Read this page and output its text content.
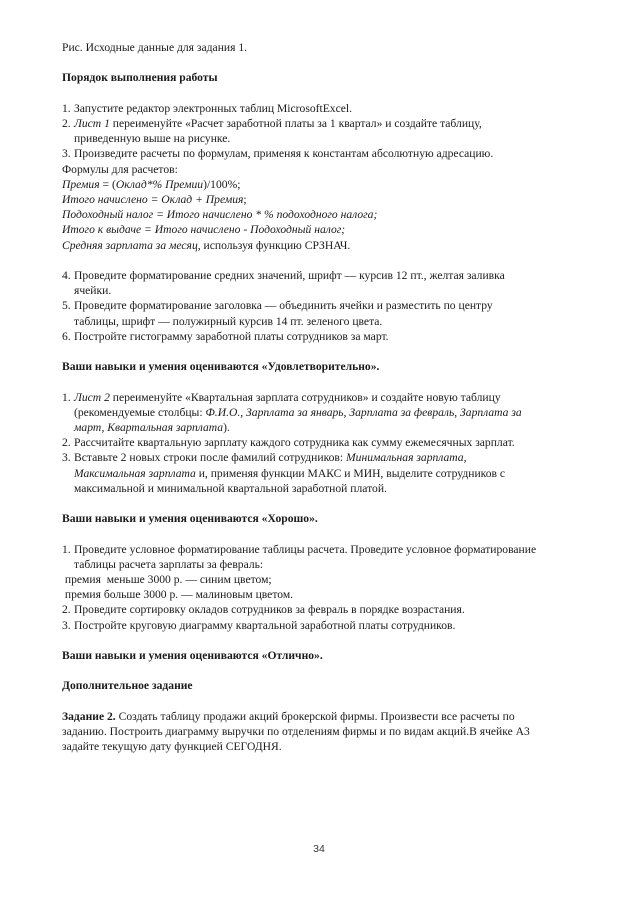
Рис. Исходные данные для задания 1.

Порядок выполнения работы

1. Запустите редактор электронных таблиц MicrosoftExcel.
2. Лист 1 переименуйте «Расчет заработной платы за 1 квартал» и создайте таблицу,

приведенную выше на рисунке.

3. Произведите расчеты по формулам, применяя к константам абсолютную адресацию.

Формулы для расчетов:

Премия = (Оклад*% Премии)/100%;

Итого начислено = Оклад + Премия;

Подоходный налог = Итого начислено * % подоходного налога;

Итого к выдаче = Итого начислено - Подоходный налог;

Средняя зарплата за месяц, используя функцию СРЗНАЧ.

4. Проведите форматирование средних значений, шрифт — курсив 12 пт., желтая заливка

ячейки.

5. Проведите форматирование заголовка — объединить ячейки и разместить по центру

таблицы, шрифт — полужирный курсив 14 пт. зеленого цвета.

6. Постройте гистограмму заработной платы сотрудников за март.

Ваши навыки и умения оцениваются «Удовлетворительно».

1. Лист 2 переименуйте «Квартальная зарплата сотрудников» и создайте новую таблицу

(рекомендуемые столбцы: Ф.И.О., Зарплата за январь, Зарплата за февраль, Зарплата за

март, Квартальная зарплата).

2. Рассчитайте квартальную зарплату каждого сотрудника как сумму ежемесячных зарплат.
3. Вставьте 2 новых строки после фамилий сотрудников: Минимальная зарплата,

Максимальная зарплата и, применяя функции МАКС и МИН, выделите сотрудников с

максимальной и минимальной квартальной заработной платой.

Ваши навыки и умения оцениваются «Хорошо».

1. Проведите условное форматирование таблицы расчета. Проведите условное форматирование

таблицы расчета зарплаты за февраль:

премия  меньше 3000 р. — синим цветом;

премия больше 3000 р. — малиновым цветом.

2. Проведите сортировку окладов сотрудников за февраль в порядке возрастания.
3. Постройте круговую диаграмму квартальной заработной платы сотрудников.

Ваши навыки и умения оцениваются «Отлично».

Дополнительное задание

Задание 2. Создать таблицу продажи акций брокерской фирмы. Произвести все расчеты по

заданию. Построить диаграмму выручки по отделениям фирмы и по видам акций.В ячейке А3

задайте текущую дату функцией СЕГОДНЯ.

34
